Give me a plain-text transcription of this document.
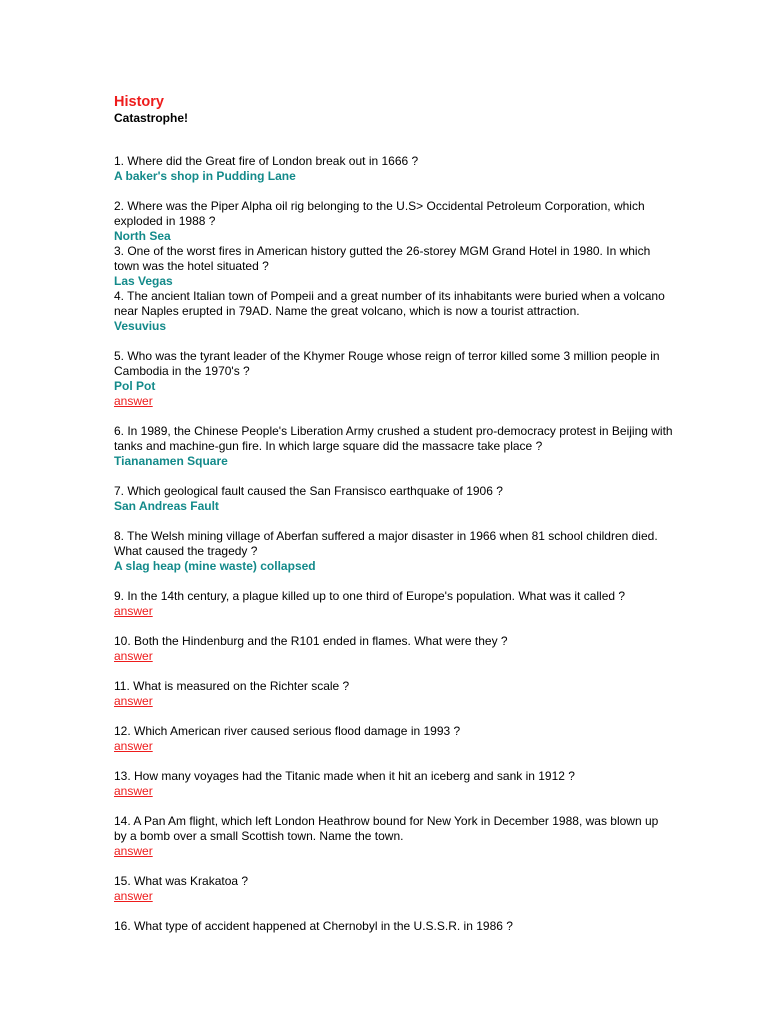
History
Catastrophe!

1. Where did the Great fire of London break out in 1666 ?

A baker's shop in Pudding Lane

2. Where was the Piper Alpha oil rig belonging to the U.S> Occidental Petroleum Corporation, which exploded in 1988 ?

North Sea

3. One of the worst fires in American history gutted the 26-storey MGM Grand Hotel in 1980. In which town was the hotel situated ?

Las Vegas

4. The ancient Italian town of Pompeii and a great number of its inhabitants were buried when a volcano near Naples erupted in 79AD. Name the great volcano, which is now a tourist attraction.

Vesuvius

5. Who was the tyrant leader of the Khymer Rouge whose reign of terror killed some 3 million people in Cambodia in the 1970's ?

Pol Pot

answer

6. In 1989, the Chinese People's Liberation Army crushed a student pro-democracy protest in Beijing with tanks and machine-gun fire. In which large square did the massacre take place ?

Tiananamen Square

7. Which geological fault caused the San Fransisco earthquake of 1906 ?

San Andreas Fault

8. The Welsh mining village of Aberfan suffered a major disaster in 1966 when 81 school children died. What caused the tragedy ?

A slag heap (mine waste) collapsed

9. In the 14th century, a plague killed up to one third of Europe's population. What was it called ?

answer

10. Both the Hindenburg and the R101 ended in flames. What were they ?

answer

11. What is measured on the Richter scale ?

answer

12. Which American river caused serious flood damage in 1993 ?

answer

13. How many voyages had the Titanic made when it hit an iceberg and sank in 1912 ?

answer

14. A Pan Am flight, which left London Heathrow bound for New York in December 1988, was blown up by a bomb over a small Scottish town. Name the town.

answer

15. What was Krakatoa ?

answer

16. What type of accident happened at Chernobyl in the U.S.S.R. in 1986 ?
